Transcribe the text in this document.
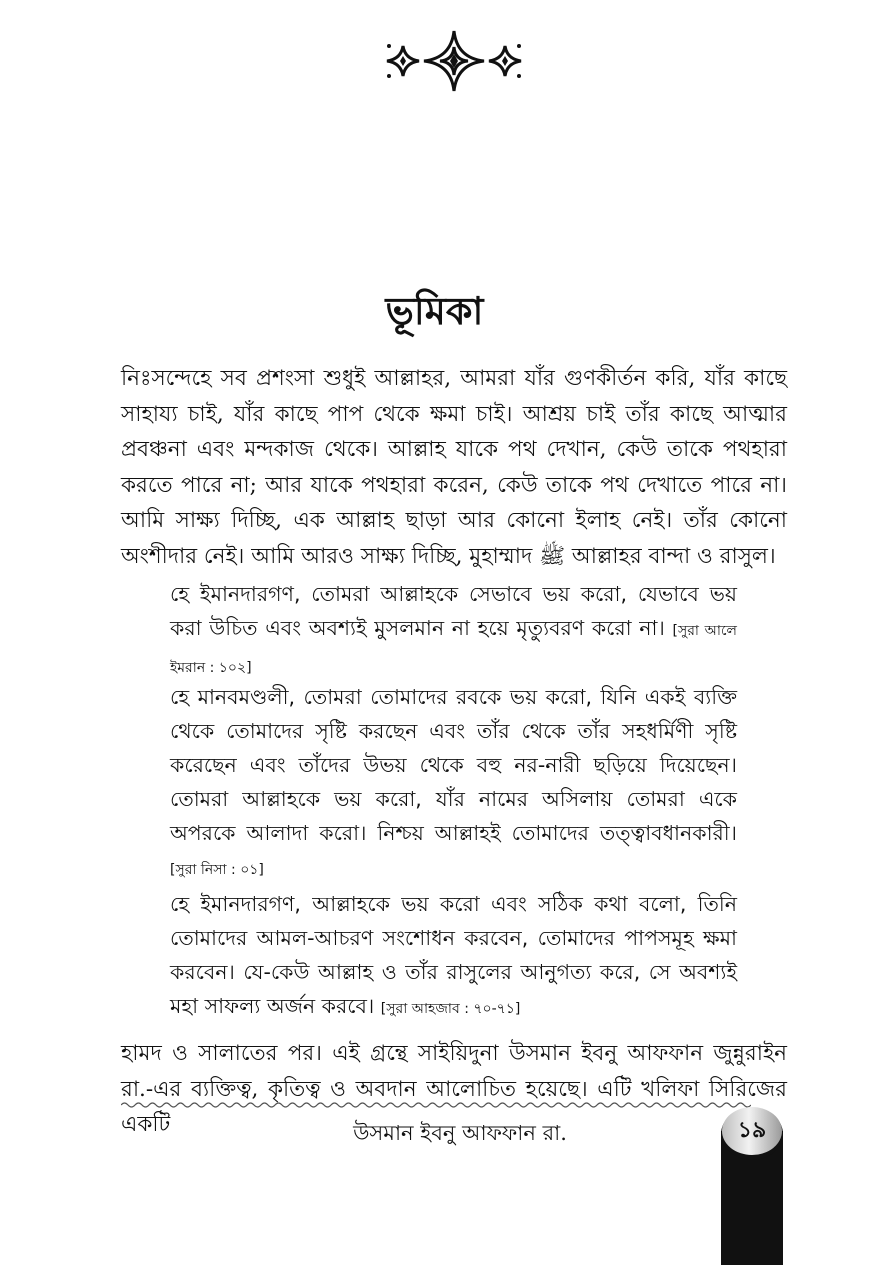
ভূমিকা

নিঃসন্দেহে সব প্রশংসা শুধুই আল্লাহর, আমরা যাঁর গুণকীর্তন করি, যাঁর কাছে সাহায্য চাই, যাঁর কাছে পাপ থেকে ক্ষমা চাই। আশ্রয় চাই তাঁর কাছে আত্মার প্রবঞ্চনা এবং মন্দকাজ থেকে। আল্লাহ যাকে পথ দেখান, কেউ তাকে পথহারা করতে পারে না; আর যাকে পথহারা করেন, কেউ তাকে পথ দেখাতে পারে না। আমি সাক্ষ্য দিচ্ছি, এক আল্লাহ ছাড়া আর কোনো ইলাহ নেই। তাঁর কোনো অংশীদার নেই। আমি আরও সাক্ষ্য দিচ্ছি, মুহাম্মাদ ﷺ আল্লাহর বান্দা ও রাসুল।

হে ইমানদারগণ, তোমরা আল্লাহকে সেভাবে ভয় করো, যেভাবে ভয় করা উচিত এবং অবশ্যই মুসলমান না হয়ে মৃত্যুবরণ করো না। [সুরা আলে ইমরান : ১০২]

হে মানবমণ্ডলী, তোমরা তোমাদের রবকে ভয় করো, যিনি একই ব্যক্তি থেকে তোমাদের সৃষ্টি করছেন এবং তাঁর থেকে তাঁর সহধর্মিণী সৃষ্টি করেছেন এবং তাঁদের উভয় থেকে বহু নর-নারী ছড়িয়ে দিয়েছেন। তোমরা আল্লাহকে ভয় করো, যাঁর নামের অসিলায় তোমরা একে অপরকে আলাদা করো। নিশ্চয় আল্লাহই তোমাদের তত্ত্বাবধানকারী। [সুরা নিসা : ০১]

হে ইমানদারগণ, আল্লাহকে ভয় করো এবং সঠিক কথা বলো, তিনি তোমাদের আমল-আচরণ সংশোধন করবেন, তোমাদের পাপসমূহ ক্ষমা করবেন। যে-কেউ আল্লাহ ও তাঁর রাসুলের আনুগত্য করে, সে অবশ্যই মহা সাফল্য অর্জন করবে। [সুরা আহজাব : ৭০-৭১]

হামদ ও সালাতের পর। এই গ্রন্থে সাইয়িদুনা উসমান ইবনু আফফান জুন্নুরাইন রা.-এর ব্যক্তিত্ব, কৃতিত্ব ও অবদান আলোচিত হয়েছে। এটি খলিফা সিরিজের একটি	উসমান ইবনু আফফান রা.	১৯
